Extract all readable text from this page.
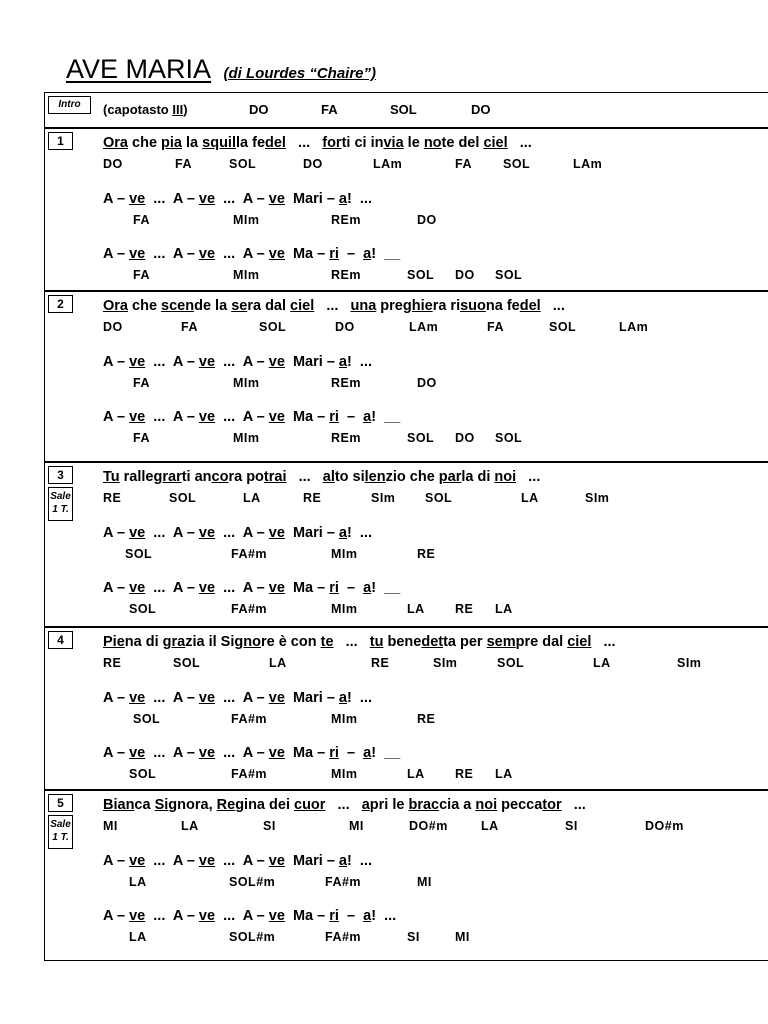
AVE MARIA (di Lourdes “Chaire”)
Intro	(capotasto III)	DO	FA	SOL	DO
1	Ora che pia la squilla fedel   ...   forti ci invia le note del ciel   ...
DO	FA	SOL	DO	LAm	FA SOL	LAm
A – ve  ...  A – ve  ...  A – ve  Mari – a!  ...
FA	MIm	REm	DO
A – ve  ...  A – ve  ...  A – ve  Ma – ri  –  a!  __
FA	MIm	REm	SOL DO SOL
2	Ora che scende la sera dal ciel   ...   una preghiera risuona fedel   ...
DO	FA	SOL	DO	LAm	FA	SOL	LAm
A – ve  ...  A – ve  ...  A – ve  Mari – a!  ...
FA	MIm	REm	DO
A – ve  ...  A – ve  ...  A – ve  Ma – ri  –  a!  __
FA	MIm	REm	SOL DO SOL
3
Sale
1 T.
Tu rallegrarti ancora potrai   ...   alto silenzio che parla di noi   ...
RE	SOL	LA	RE	SIm SOL	LA	SIm
A – ve  ...  A – ve  ...  A – ve  Mari – a!  ...
SOL	FA#m	MIm	RE
A – ve  ...  A – ve  ...  A – ve  Ma – ri  –  a!  __
SOL	FA#m	MIm	LA RE LA
4	Piena di grazia il Signore è con te   ...   tu benedetta per sempre dal ciel   ...
RE	SOL	LA	RE	SIm	SOL	LA	SIm
A – ve  ...  A – ve  ...  A – ve  Mari – a!  ...
SOL	FA#m	MIm	RE
A – ve  ...  A – ve  ...  A – ve  Ma – ri  –  a!  __
SOL	FA#m	MIm	LA RE LA
5
Sale
1 T.
Bianca Signora, Regina dei cuor   ...   apri le braccia a noi peccator   ...
MI	LA	SI	MI	DO#m	LA	SI	DO#m
A – ve  ...  A – ve  ...  A – ve  Mari – a!  ...
LA	SOL#m	FA#m	MI
A – ve  ...  A – ve  ...  A – ve  Ma – ri  –  a!  ...
LA	SOL#m	FA#m	SI	MI
